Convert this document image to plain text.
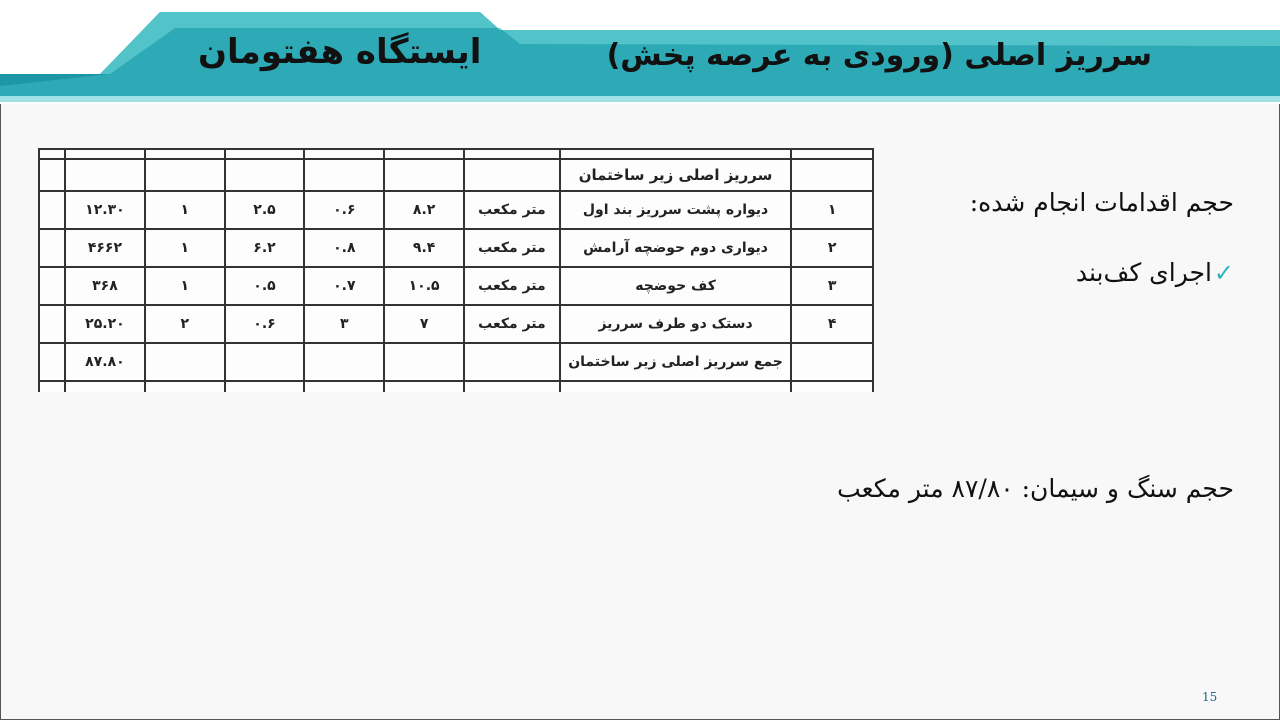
سرریز اصلی (ورودی به عرصه پخش)
ایستگاه هفتومان

	سرریز اصلی زیر ساختمان							
۱	دیواره پشت سرریز بند اول	متر مکعب	۸.۲	۰.۶	۲.۵	۱	۱۲.۳۰	
۲	دیواری دوم حوضچه آرامش	متر مکعب	۹.۴	۰.۸	۶.۲	۱	۴۶۶۲	
۳	کف حوضچه	متر مکعب	۱۰.۵	۰.۷	۰.۵	۱	۳۶۸	
۴	دستک دو طرف سرریز	متر مکعب	۷	۳	۰.۶	۲	۲۵.۲۰	
	جمع سرریز اصلی زیر ساختمان						۸۷.۸۰	

حجم اقدامات انجام شده:
✓اجرای کف‌بند
حجم سنگ و سیمان: ۸۷/۸۰ متر مکعب
15
